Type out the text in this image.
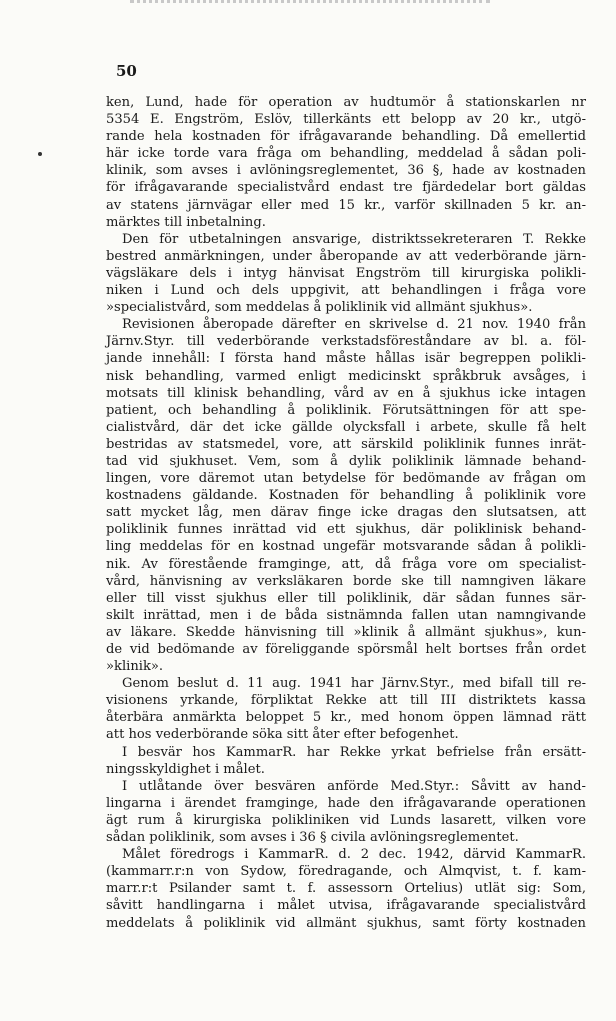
50
ken, Lund, hade för operation av hudtumör å stationskarlen nr
5354 E. Engström, Eslöv, tillerkänts ett belopp av 20 kr., utgö-
rande hela kostnaden för ifrågavarande behandling. Då emellertid
här icke torde vara fråga om behandling, meddelad å sådan poli-
klinik, som avses i avlöningsreglementet, 36 §, hade av kostnaden
för ifrågavarande specialistvård endast tre fjärdedelar bort gäldas
av statens järnvägar eller med 15 kr., varför skillnaden 5 kr. an-
märktes till inbetalning.
Den för utbetalningen ansvarige, distriktssekreteraren T. Rekke
bestred anmärkningen, under åberopande av att vederbörande järn-
vägsläkare dels i intyg hänvisat Engström till kirurgiska polikli-
niken i Lund och dels uppgivit, att behandlingen i fråga vore
»specialistvård, som meddelas å poliklinik vid allmänt sjukhus».
Revisionen åberopade därefter en skrivelse d. 21 nov. 1940 från
Järnv.Styr. till vederbörande verkstadsföreståndare av bl. a. föl-
jande innehåll: I första hand måste hållas isär begreppen polikli-
nisk behandling, varmed enligt medicinskt språkbruk avsåges, i
motsats till klinisk behandling, vård av en å sjukhus icke intagen
patient, och behandling å poliklinik. Förutsättningen för att spe-
cialistvård, där det icke gällde olycksfall i arbete, skulle få helt
bestridas av statsmedel, vore, att särskild poliklinik funnes inrät-
tad vid sjukhuset. Vem, som å dylik poliklinik lämnade behand-
lingen, vore däremot utan betydelse för bedömande av frågan om
kostnadens gäldande. Kostnaden för behandling å poliklinik vore
satt mycket låg, men därav finge icke dragas den slutsatsen, att
poliklinik funnes inrättad vid ett sjukhus, där poliklinisk behand-
ling meddelas för en kostnad ungefär motsvarande sådan å polikli-
nik. Av förestående framginge, att, då fråga vore om specialist-
vård, hänvisning av verksläkaren borde ske till namngiven läkare
eller till visst sjukhus eller till poliklinik, där sådan funnes sär-
skilt inrättad, men i de båda sistnämnda fallen utan namngivande
av läkare. Skedde hänvisning till »klinik å allmänt sjukhus», kun-
de vid bedömande av föreliggande spörsmål helt bortses från ordet
»klinik».
Genom beslut d. 11 aug. 1941 har Järnv.Styr., med bifall till re-
visionens yrkande, förpliktat Rekke att till III distriktets kassa
återbära anmärkta beloppet 5 kr., med honom öppen lämnad rätt
att hos vederbörande söka sitt åter efter befogenhet.
I besvär hos KammarR. har Rekke yrkat befrielse från ersätt-
ningsskyldighet i målet.
I utlåtande över besvären anförde Med.Styr.: Såvitt av hand-
lingarna i ärendet framginge, hade den ifrågavarande operationen
ägt rum å kirurgiska polikliniken vid Lunds lasarett, vilken vore
sådan poliklinik, som avses i 36 § civila avlöningsreglementet.
Målet föredrogs i KammarR. d. 2 dec. 1942, därvid KammarR.
(kammarr.r:n von Sydow, föredragande, och Almqvist, t. f. kam-
marr.r:t Psilander samt t. f. assessorn Ortelius) utlät sig: Som,
såvitt handlingarna i målet utvisa, ifrågavarande specialistvård
meddelats å poliklinik vid allmänt sjukhus, samt förty kostnaden
